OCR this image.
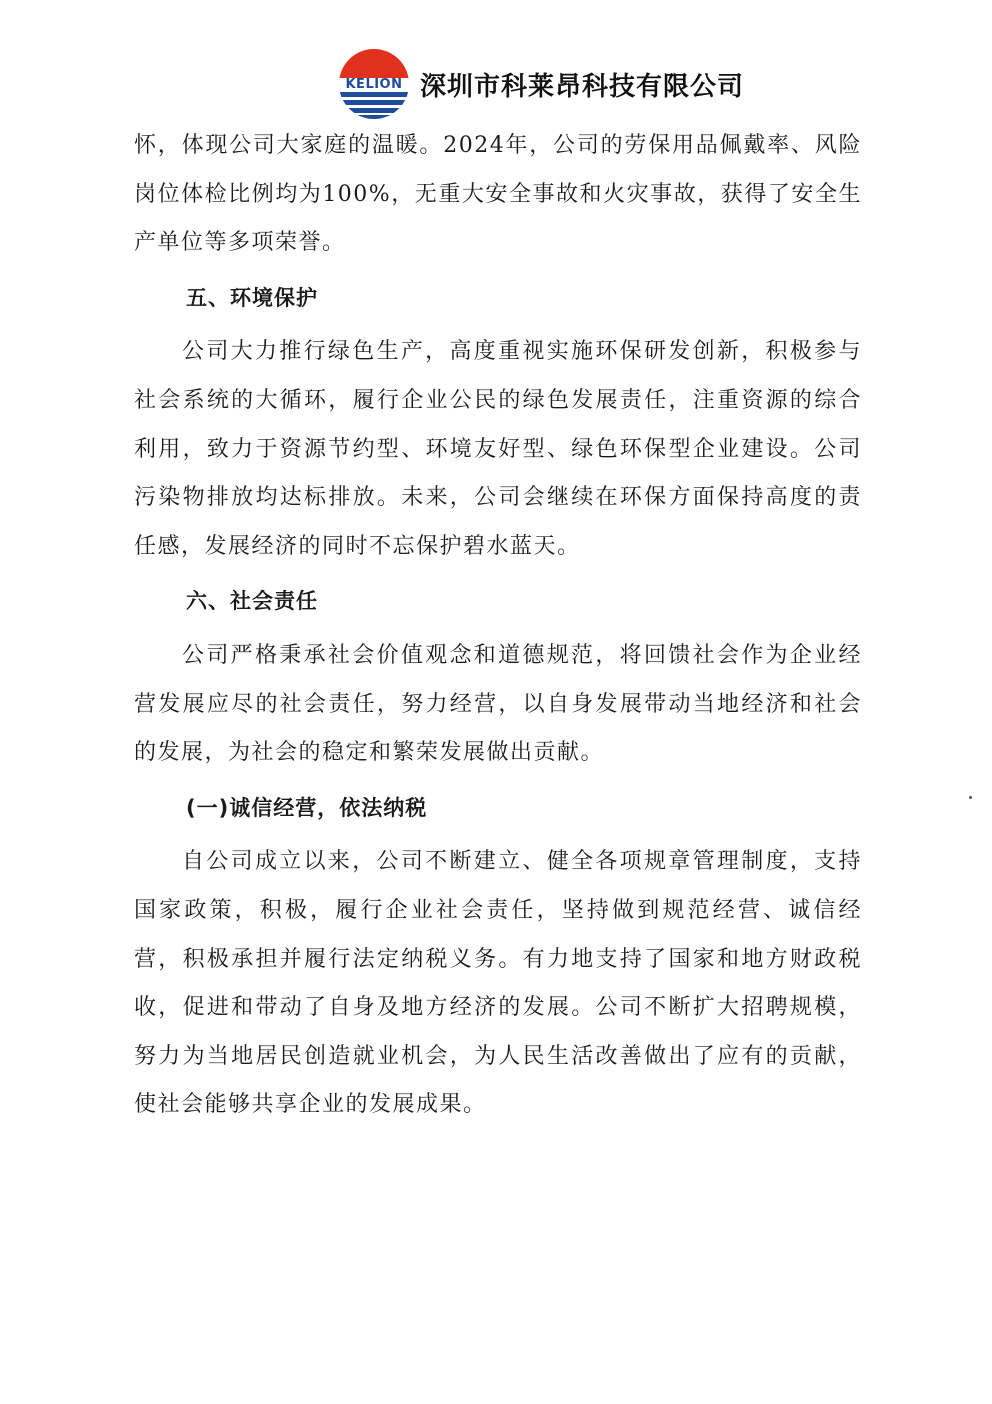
KELION 深圳市科莱昂科技有限公司

怀，体现公司大家庭的温暖。2024年，公司的劳保用品佩戴率、风险岗位体检比例均为100%，无重大安全事故和火灾事故，获得了安全生产单位等多项荣誉。

五、环境保护

公司大力推行绿色生产，高度重视实施环保研发创新，积极参与社会系统的大循环，履行企业公民的绿色发展责任，注重资源的综合利用，致力于资源节约型、环境友好型、绿色环保型企业建设。公司污染物排放均达标排放。未来，公司会继续在环保方面保持高度的责任感，发展经济的同时不忘保护碧水蓝天。

六、社会责任

公司严格秉承社会价值观念和道德规范，将回馈社会作为企业经营发展应尽的社会责任，努力经营，以自身发展带动当地经济和社会的发展，为社会的稳定和繁荣发展做出贡献。

(一)诚信经营，依法纳税

自公司成立以来，公司不断建立、健全各项规章管理制度，支持国家政策，积极，履行企业社会责任，坚持做到规范经营、诚信经营，积极承担并履行法定纳税义务。有力地支持了国家和地方财政税收，促进和带动了自身及地方经济的发展。公司不断扩大招聘规模，努力为当地居民创造就业机会，为人民生活改善做出了应有的贡献，使社会能够共享企业的发展成果。
